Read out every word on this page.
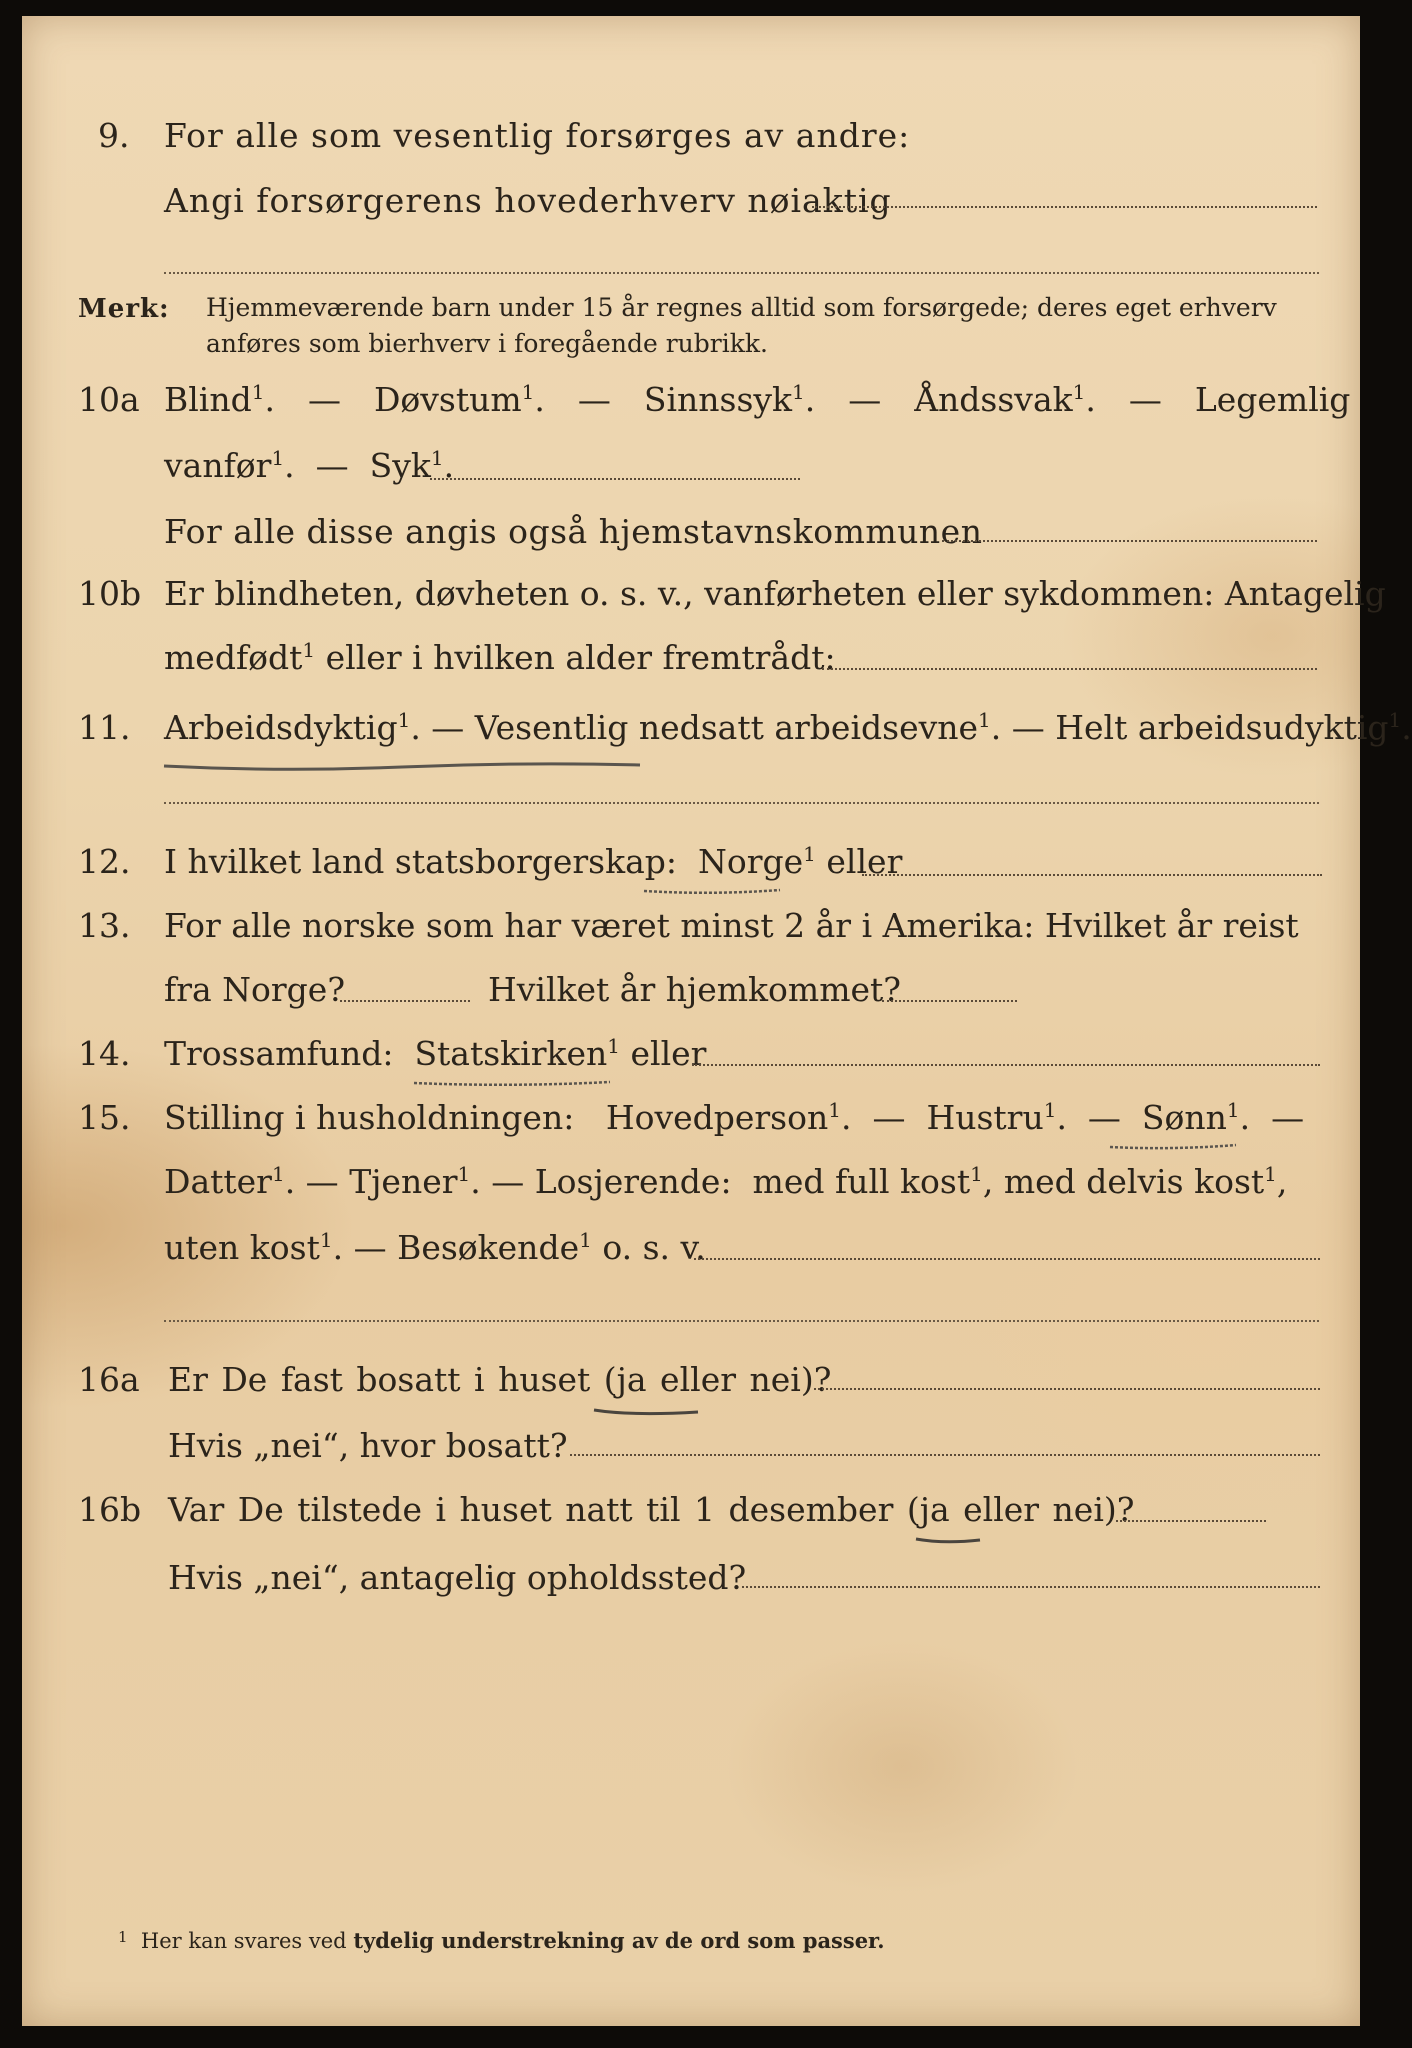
9. For alle som vesentlig forsørges av andre:
Angi forsørgerens hovederhverv nøiaktig
Merk: Hjemmeværende barn under 15 år regnes alltid som forsørgede; deres eget erhverv
anføres som bierhverv i foregående rubrikk.
10a Blind$^1$.  —  Døvstum$^1$.  —  Sinnssyk$^1$.  —  Åndssvak$^1$.  —  Legemlig
vanfør$^1$.  —  Syk$^1$.
For alle disse angis også hjemstavnskommunen
10b Er blindheten, døvheten o. s. v., vanførheten eller sykdommen: Antagelig
medfødt$^1$ eller i hvilken alder fremtrådt:
11. Arbeidsdyktig$^1$. — Vesentlig nedsatt arbeidsevne$^1$. — Helt arbeidsudyktig$^1$.
12. I hvilket land statsborgerskap: Norge$^1$ eller
13. For alle norske som har været minst 2 år i Amerika: Hvilket år reist
fra Norge?	Hvilket år hjemkommet?
14. Trossamfund: Statskirken$^1$ eller
15. Stilling i husholdningen: Hovedperson$^1$.  —  Hustru$^1$.  —  Sønn$^1$.  —
Datter$^1$. — Tjener$^1$. — Losjerende: med full kost$^1$, med delvis kost$^1$,
uten kost$^1$. — Besøkende$^1$ o. s. v.
16a Er De fast bosatt i huset (ja eller nei)?
Hvis „nei“, hvor bosatt?
16b Var De tilstede i huset natt til 1 desember (ja eller nei)?
Hvis „nei“, antagelig opholdssted?
$^1$ Her kan svares ved tydelig understrekning av de ord som passer.
